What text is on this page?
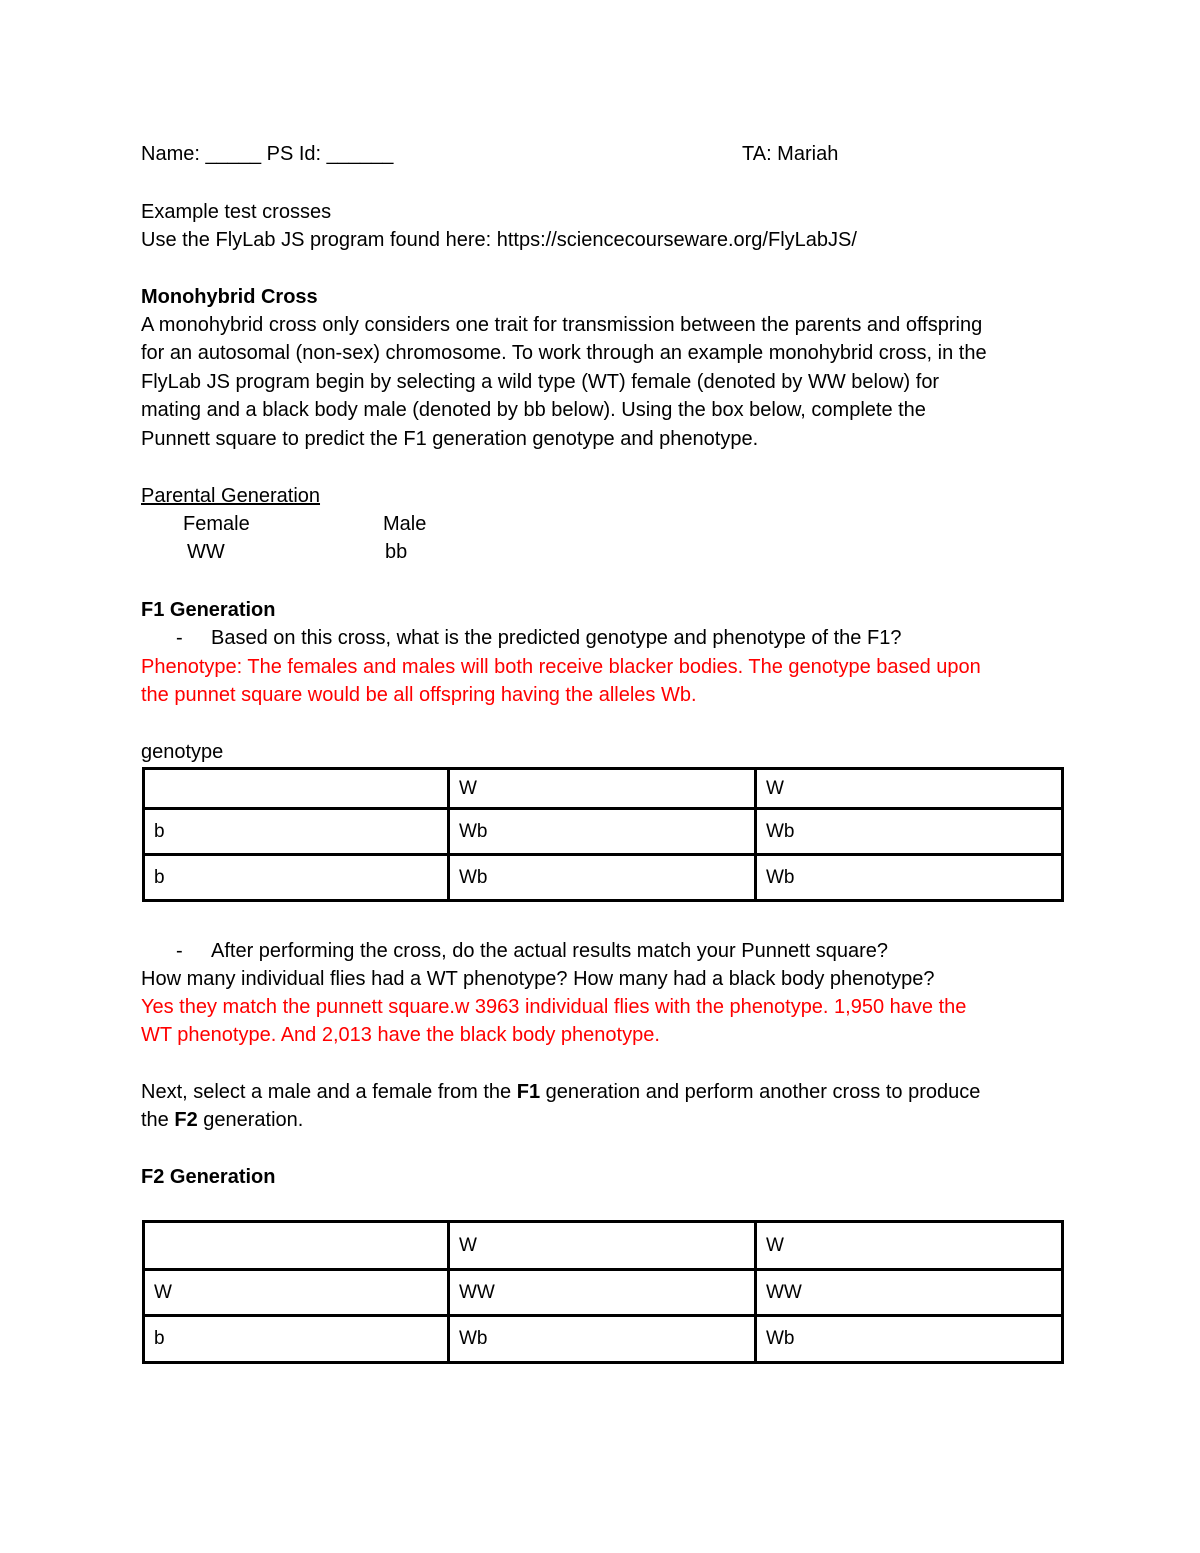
Name: _____ PS Id: ______	TA: Mariah
Example test crosses
Use the FlyLab JS program found here: https://sciencecourseware.org/FlyLabJS/
Monohybrid Cross
A monohybrid cross only considers one trait for transmission between the parents and offspring
for an autosomal (non-sex) chromosome. To work through an example monohybrid cross, in the
FlyLab JS program begin by selecting a wild type (WT) female (denoted by WW below) for
mating and a black body male (denoted by bb below). Using the box below, complete the
Punnett square to predict the F1 generation genotype and phenotype.
Parental Generation
Female	Male
WW	bb
F1 Generation
- Based on this cross, what is the predicted genotype and phenotype of the F1?
Phenotype: The females and males will both receive blacker bodies. The genotype based upon
the punnet square would be all offspring having the alleles Wb.
genotype
	W	W
b	Wb	Wb
b	Wb	Wb
- After performing the cross, do the actual results match your Punnett square?
How many individual flies had a WT phenotype? How many had a black body phenotype?
Yes they match the punnett square.w 3963 individual flies with the phenotype. 1,950 have the
WT phenotype. And 2,013 have the black body phenotype.
Next, select a male and a female from the F1 generation and perform another cross to produce
the F2 generation.
F2 Generation
	W	W
W	WW	WW
b	Wb	Wb
